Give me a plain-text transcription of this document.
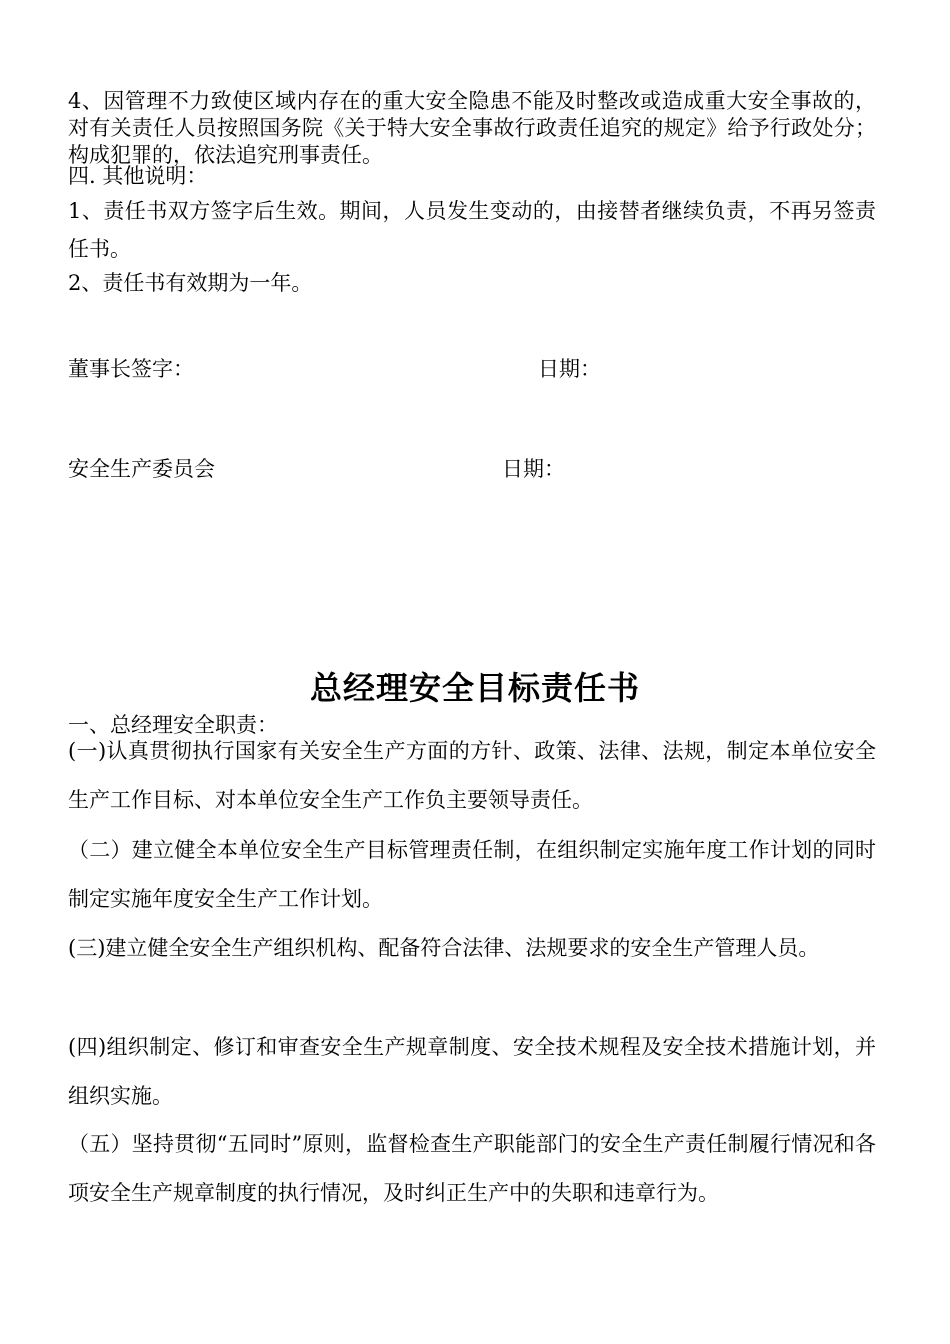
4、因管理不力致使区域内存在的重大安全隐患不能及时整改或造成重大安全事故的，对有关责任人员按照国务院《关于特大安全事故行政责任追究的规定》给予行政处分；构成犯罪的，依法追究刑事责任。

四. 其他说明：

1、责任书双方签字后生效。期间，人员发生变动的，由接替者继续负责，不再另签责任书。

2、责任书有效期为一年。

董事长签字：	日期：
安全生产委员会	日期：
总经理安全目标责任书

一、总经理安全职责：

(一)认真贯彻执行国家有关安全生产方面的方针、政策、法律、法规，制定本单位安全生产工作目标、对本单位安全生产工作负主要领导责任。

（二）建立健全本单位安全生产目标管理责任制，在组织制定实施年度工作计划的同时制定实施年度安全生产工作计划。

(三)建立健全安全生产组织机构、配备符合法律、法规要求的安全生产管理人员。

(四)组织制定、修订和审查安全生产规章制度、安全技术规程及安全技术措施计划，并组织实施。

（五）坚持贯彻“五同时”原则，监督检查生产职能部门的安全生产责任制履行情况和各项安全生产规章制度的执行情况，及时纠正生产中的失职和违章行为。
